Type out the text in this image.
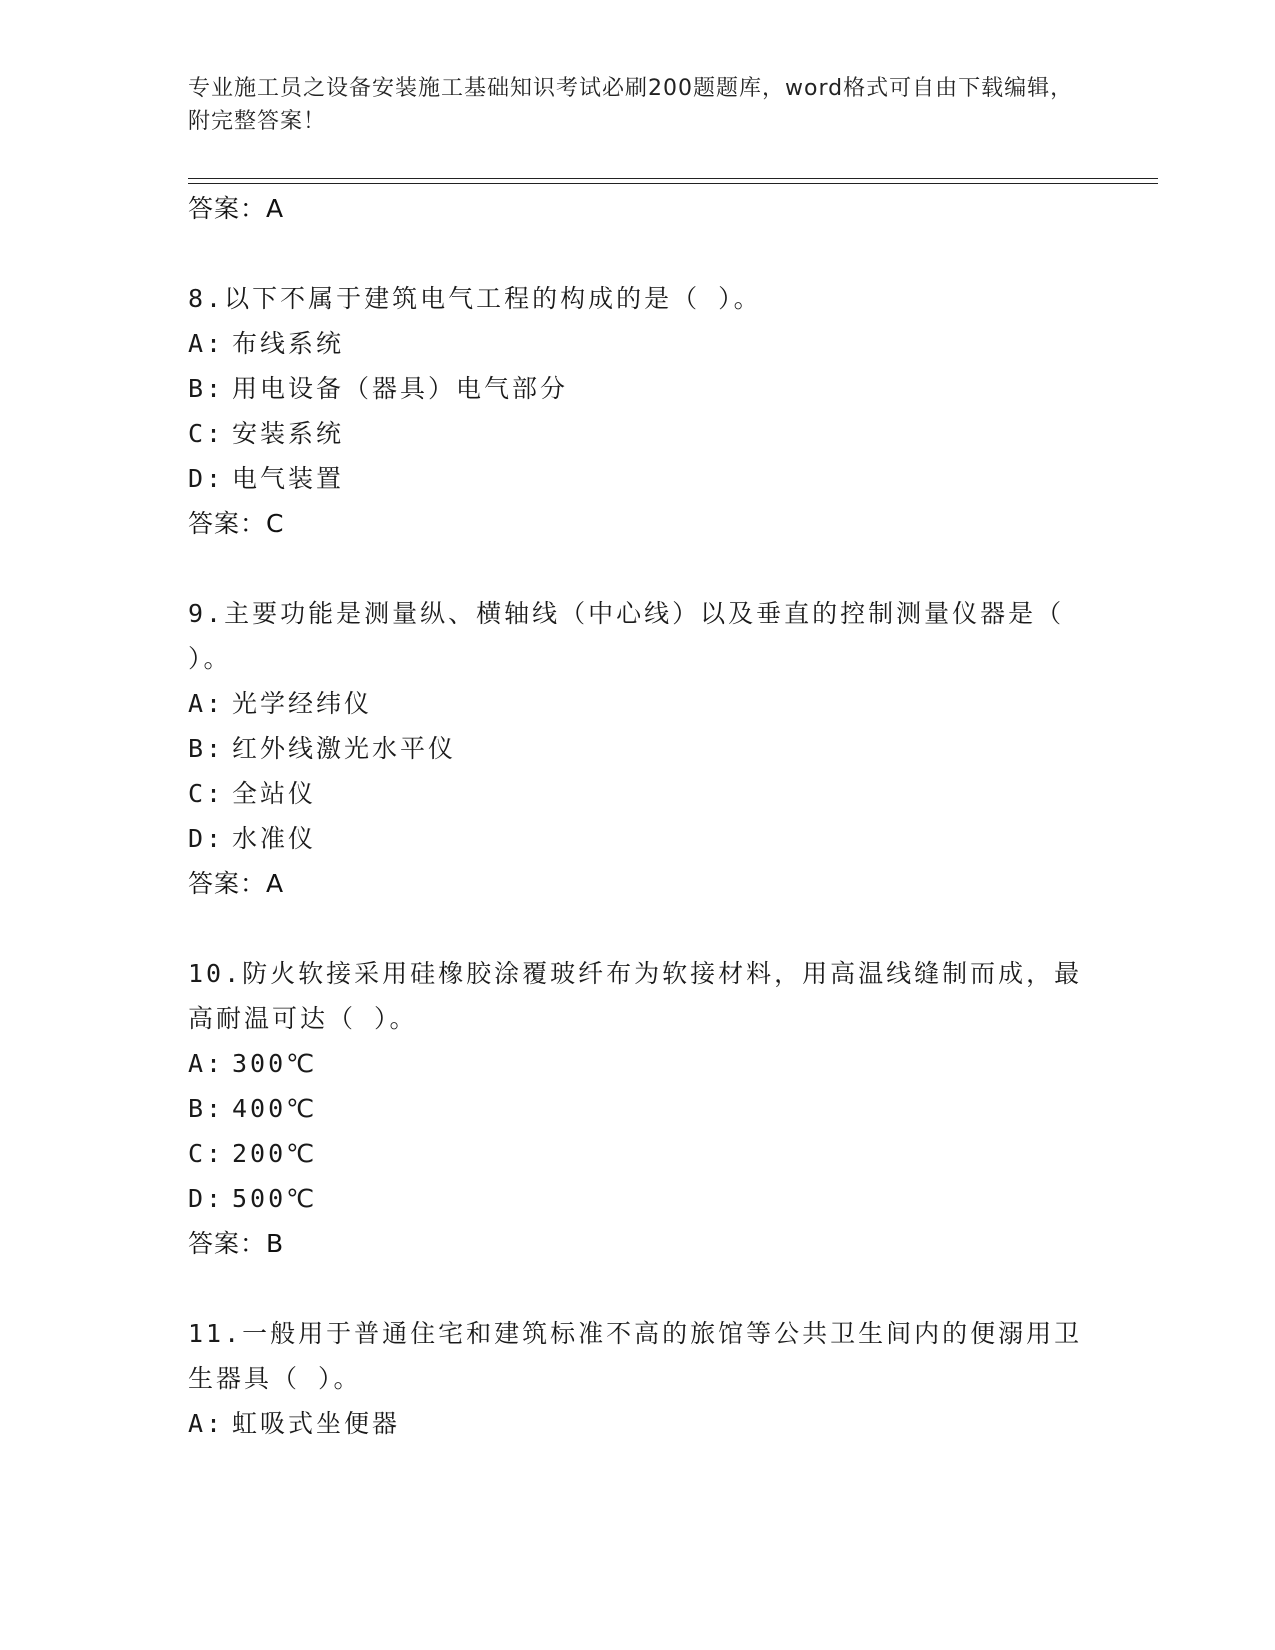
专业施工员之设备安装施工基础知识考试必刷200题题库，word格式可自由下载编辑，附完整答案！
答案：A
8.以下不属于建筑电气工程的构成的是（ ）。
A: 布线系统
B: 用电设备（器具）电气部分
C: 安装系统
D: 电气装置
答案：C
9.主要功能是测量纵、横轴线（中心线）以及垂直的控制测量仪器是（ ）。
A: 光学经纬仪
B: 红外线激光水平仪
C: 全站仪
D: 水准仪
答案：A
10.防火软接采用硅橡胶涂覆玻纤布为软接材料，用高温线缝制而成，最高耐温可达（ ）。
A: 300℃
B: 400℃
C: 200℃
D: 500℃
答案：B
11.一般用于普通住宅和建筑标准不高的旅馆等公共卫生间内的便溺用卫生器具（ ）。
A: 虹吸式坐便器
